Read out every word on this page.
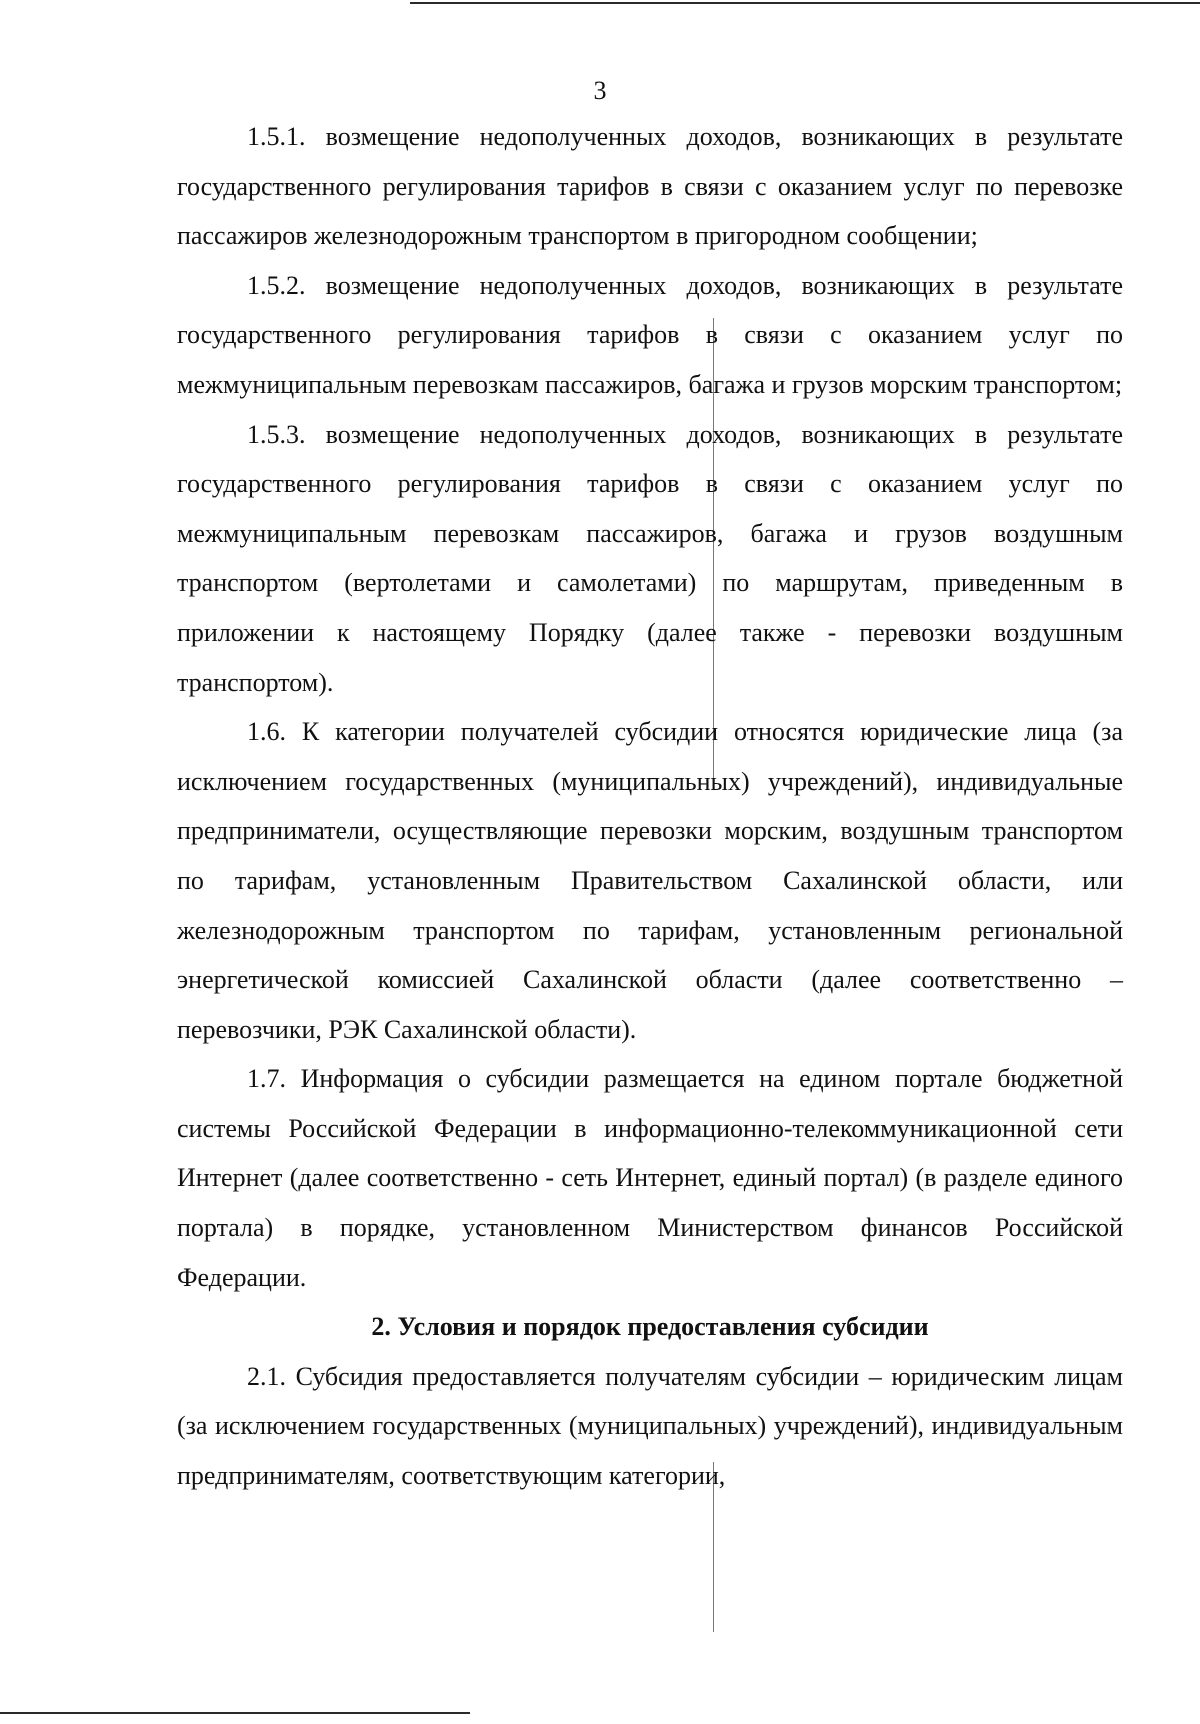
3

1.5.1. возмещение недополученных доходов, возникающих в результате государственного регулирования тарифов в связи с оказанием услуг по перевозке пассажиров железнодорожным транспортом в пригородном сообщении;

1.5.2. возмещение недополученных доходов, возникающих в результате государственного регулирования тарифов в связи с оказанием услуг по межмуниципальным перевозкам пассажиров, багажа и грузов морским транспортом;

1.5.3. возмещение недополученных доходов, возникающих в результате государственного регулирования тарифов в связи с оказанием услуг по межмуниципальным перевозкам пассажиров, багажа и грузов воздушным транспортом (вертолетами и самолетами) по маршрутам, приведенным в приложении к настоящему Порядку (далее также - перевозки воздушным транспортом).

1.6. К категории получателей субсидии относятся юридические лица (за исключением государственных (муниципальных) учреждений), индивидуальные предприниматели, осуществляющие перевозки морским, воздушным транспортом по тарифам, установленным Правительством Сахалинской области, или железнодорожным транспортом по тарифам, установленным региональной энергетической комиссией Сахалинской области (далее соответственно – перевозчики, РЭК Сахалинской области).

1.7. Информация о субсидии размещается на едином портале бюджетной системы Российской Федерации в информационно-телекоммуникационной сети Интернет (далее соответственно - сеть Интернет, единый портал) (в разделе единого портала) в порядке, установленном Министерством финансов Российской Федерации.

2. Условия и порядок предоставления субсидии

2.1. Субсидия предоставляется получателям субсидии – юридическим лицам (за исключением государственных (муниципальных) учреждений), индивидуальным предпринимателям, соответствующим категории,
